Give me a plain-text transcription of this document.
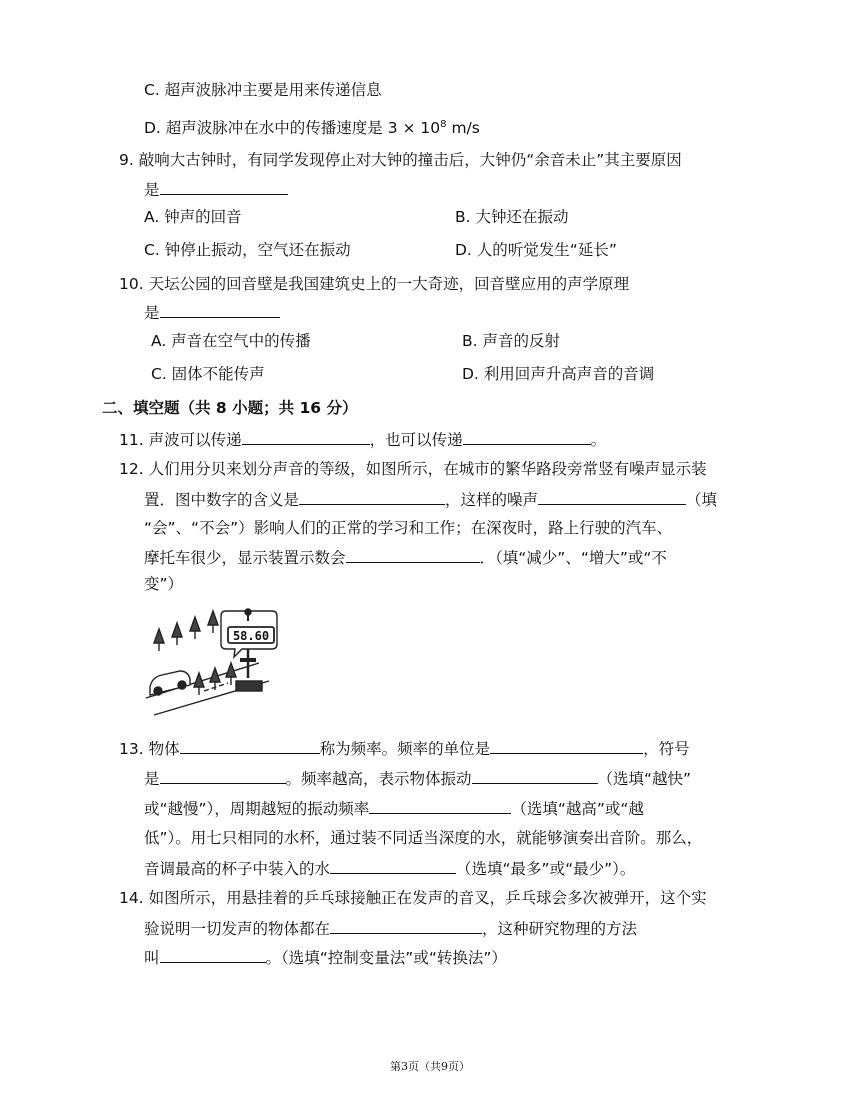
C. 超声波脉冲主要是用来传递信息
D. 超声波脉冲在水中的传播速度是 $3 \times 10^8$ m/s
9. 敲响大古钟时，有同学发现停止对大钟的撞击后，大钟仍“余音未止”其主要原因
是
A. 钟声的回音	B. 大钟还在振动
C. 钟停止振动，空气还在振动	D. 人的听觉发生“延长”
10. 天坛公园的回音壁是我国建筑史上的一大奇迹，回音壁应用的声学原理
是
A. 声音在空气中的传播	B. 声音的反射
C. 固体不能传声	D. 利用回声升高声音的音调
二、填空题（共 8 小题；共 16 分）
11. 声波可以传递	，也可以传递	。
12. 人们用分贝来划分声音的等级，如图所示，在城市的繁华路段旁常竖有噪声显示装
置．图中数字的含义是	，这样的噪声	（填
“会”、“不会”）影响人们的正常的学习和工作；在深夜时，路上行驶的汽车、
摩托车很少，显示装置示数会	．（填“减少”、“增大”或“不
变”）
58.60
13. 物体	称为频率。频率的单位是	，符号
是	。频率越高，表示物体振动	（选填“越快”
或“越慢”），周期越短的振动频率	（选填“越高”或“越
低”）。用七只相同的水杯，通过装不同适当深度的水，就能够演奏出音阶。那么，
音调最高的杯子中装入的水	（选填“最多”或“最少”）。
14. 如图所示，用悬挂着的乒乓球接触正在发声的音叉，乒乓球会多次被弹开，这个实
验说明一切发声的物体都在	，这种研究物理的方法
叫	。（选填“控制变量法”或“转换法”）
第3页（共9页）
